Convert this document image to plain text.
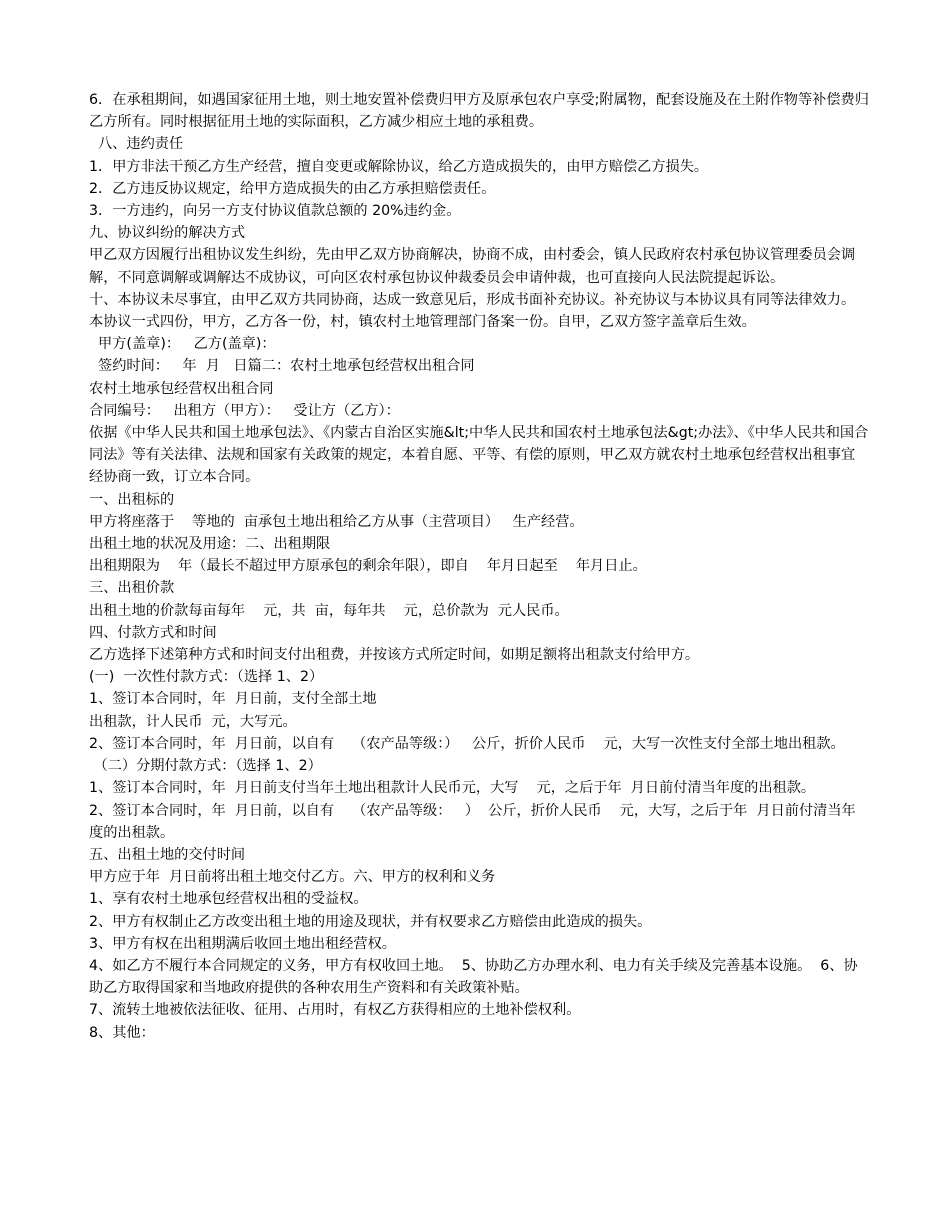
6．在承租期间，如遇国家征用土地，则土地安置补偿费归甲方及原承包农户享受;附属物，配套设施及在土附作物等补偿费归乙方所有。同时根据征用土地的实际面积，乙方减少相应土地的承租费。

八、违约责任

1．甲方非法干预乙方生产经营，擅自变更或解除协议，给乙方造成损失的，由甲方赔偿乙方损失。

2．乙方违反协议规定，给甲方造成损失的由乙方承担赔偿责任。

3．一方违约，向另一方支付协议值款总额的 20%违约金。

九、协议纠纷的解决方式

甲乙双方因履行出租协议发生纠纷，先由甲乙双方协商解决，协商不成，由村委会，镇人民政府农村承包协议管理委员会调解，不同意调解或调解达不成协议，可向区农村承包协议仲裁委员会申请仲裁，也可直接向人民法院提起诉讼。

十、本协议未尽事宜，由甲乙双方共同协商，达成一致意见后，形成书面补充协议。补充协议与本协议具有同等法律效力。

本协议一式四份，甲方，乙方各一份，村，镇农村土地管理部门备案一份。自甲，乙双方签字盖章后生效。

甲方(盖章)：   乙方(盖章)：

签约时间：   年  月   日篇二：农村土地承包经营权出租合同

农村土地承包经营权出租合同

合同编号：   出租方（甲方）：   受让方（乙方）：

依据《中华人民共和国土地承包法》、《内蒙古自治区实施&lt;中华人民共和国农村土地承包法&gt;办法》、《中华人民共和国合同法》等有关法律、法规和国家有关政策的规定，本着自愿、平等、有偿的原则，甲乙双方就农村土地承包经营权出租事宜经协商一致，订立本合同。

一、出租标的

甲方将座落于    等地的  亩承包土地出租给乙方从事（主营项目）   生产经营。

出租土地的状况及用途：二、出租期限

出租期限为    年（最长不超过甲方原承包的剩余年限），即自    年月日起至    年月日止。

三、出租价款

出租土地的价款每亩每年    元，共  亩，每年共    元，总价款为  元人民币。

四、付款方式和时间

乙方选择下述第种方式和时间支付出租费，并按该方式所定时间，如期足额将出租款支付给甲方。

(一)  一次性付款方式：（选择 1、2）

1、签订本合同时，年  月日前，支付全部土地

出租款，计人民币  元，大写元。

2、签订本合同时，年  月日前，以自有    （农产品等级：）   公斤，折价人民币    元，大写一次性支付全部土地出租款。

（二）分期付款方式：（选择 1、2）

1、签订本合同时，年  月日前支付当年土地出租款计人民币元，大写    元，之后于年  月日前付清当年度的出租款。

2、签订本合同时，年  月日前，以自有    （农产品等级：   ）  公斤，折价人民币    元，大写，之后于年  月日前付清当年度的出租款。

五、出租土地的交付时间

甲方应于年  月日前将出租土地交付乙方。六、甲方的权利和义务

1、享有农村土地承包经营权出租的受益权。

2、甲方有权制止乙方改变出租土地的用途及现状，并有权要求乙方赔偿由此造成的损失。

3、甲方有权在出租期满后收回土地出租经营权。

4、如乙方不履行本合同规定的义务，甲方有权收回土地。  5、协助乙方办理水利、电力有关手续及完善基本设施。  6、协助乙方取得国家和当地政府提供的各种农用生产资料和有关政策补贴。

7、流转土地被依法征收、征用、占用时，有权乙方获得相应的土地补偿权利。

8、其他：
